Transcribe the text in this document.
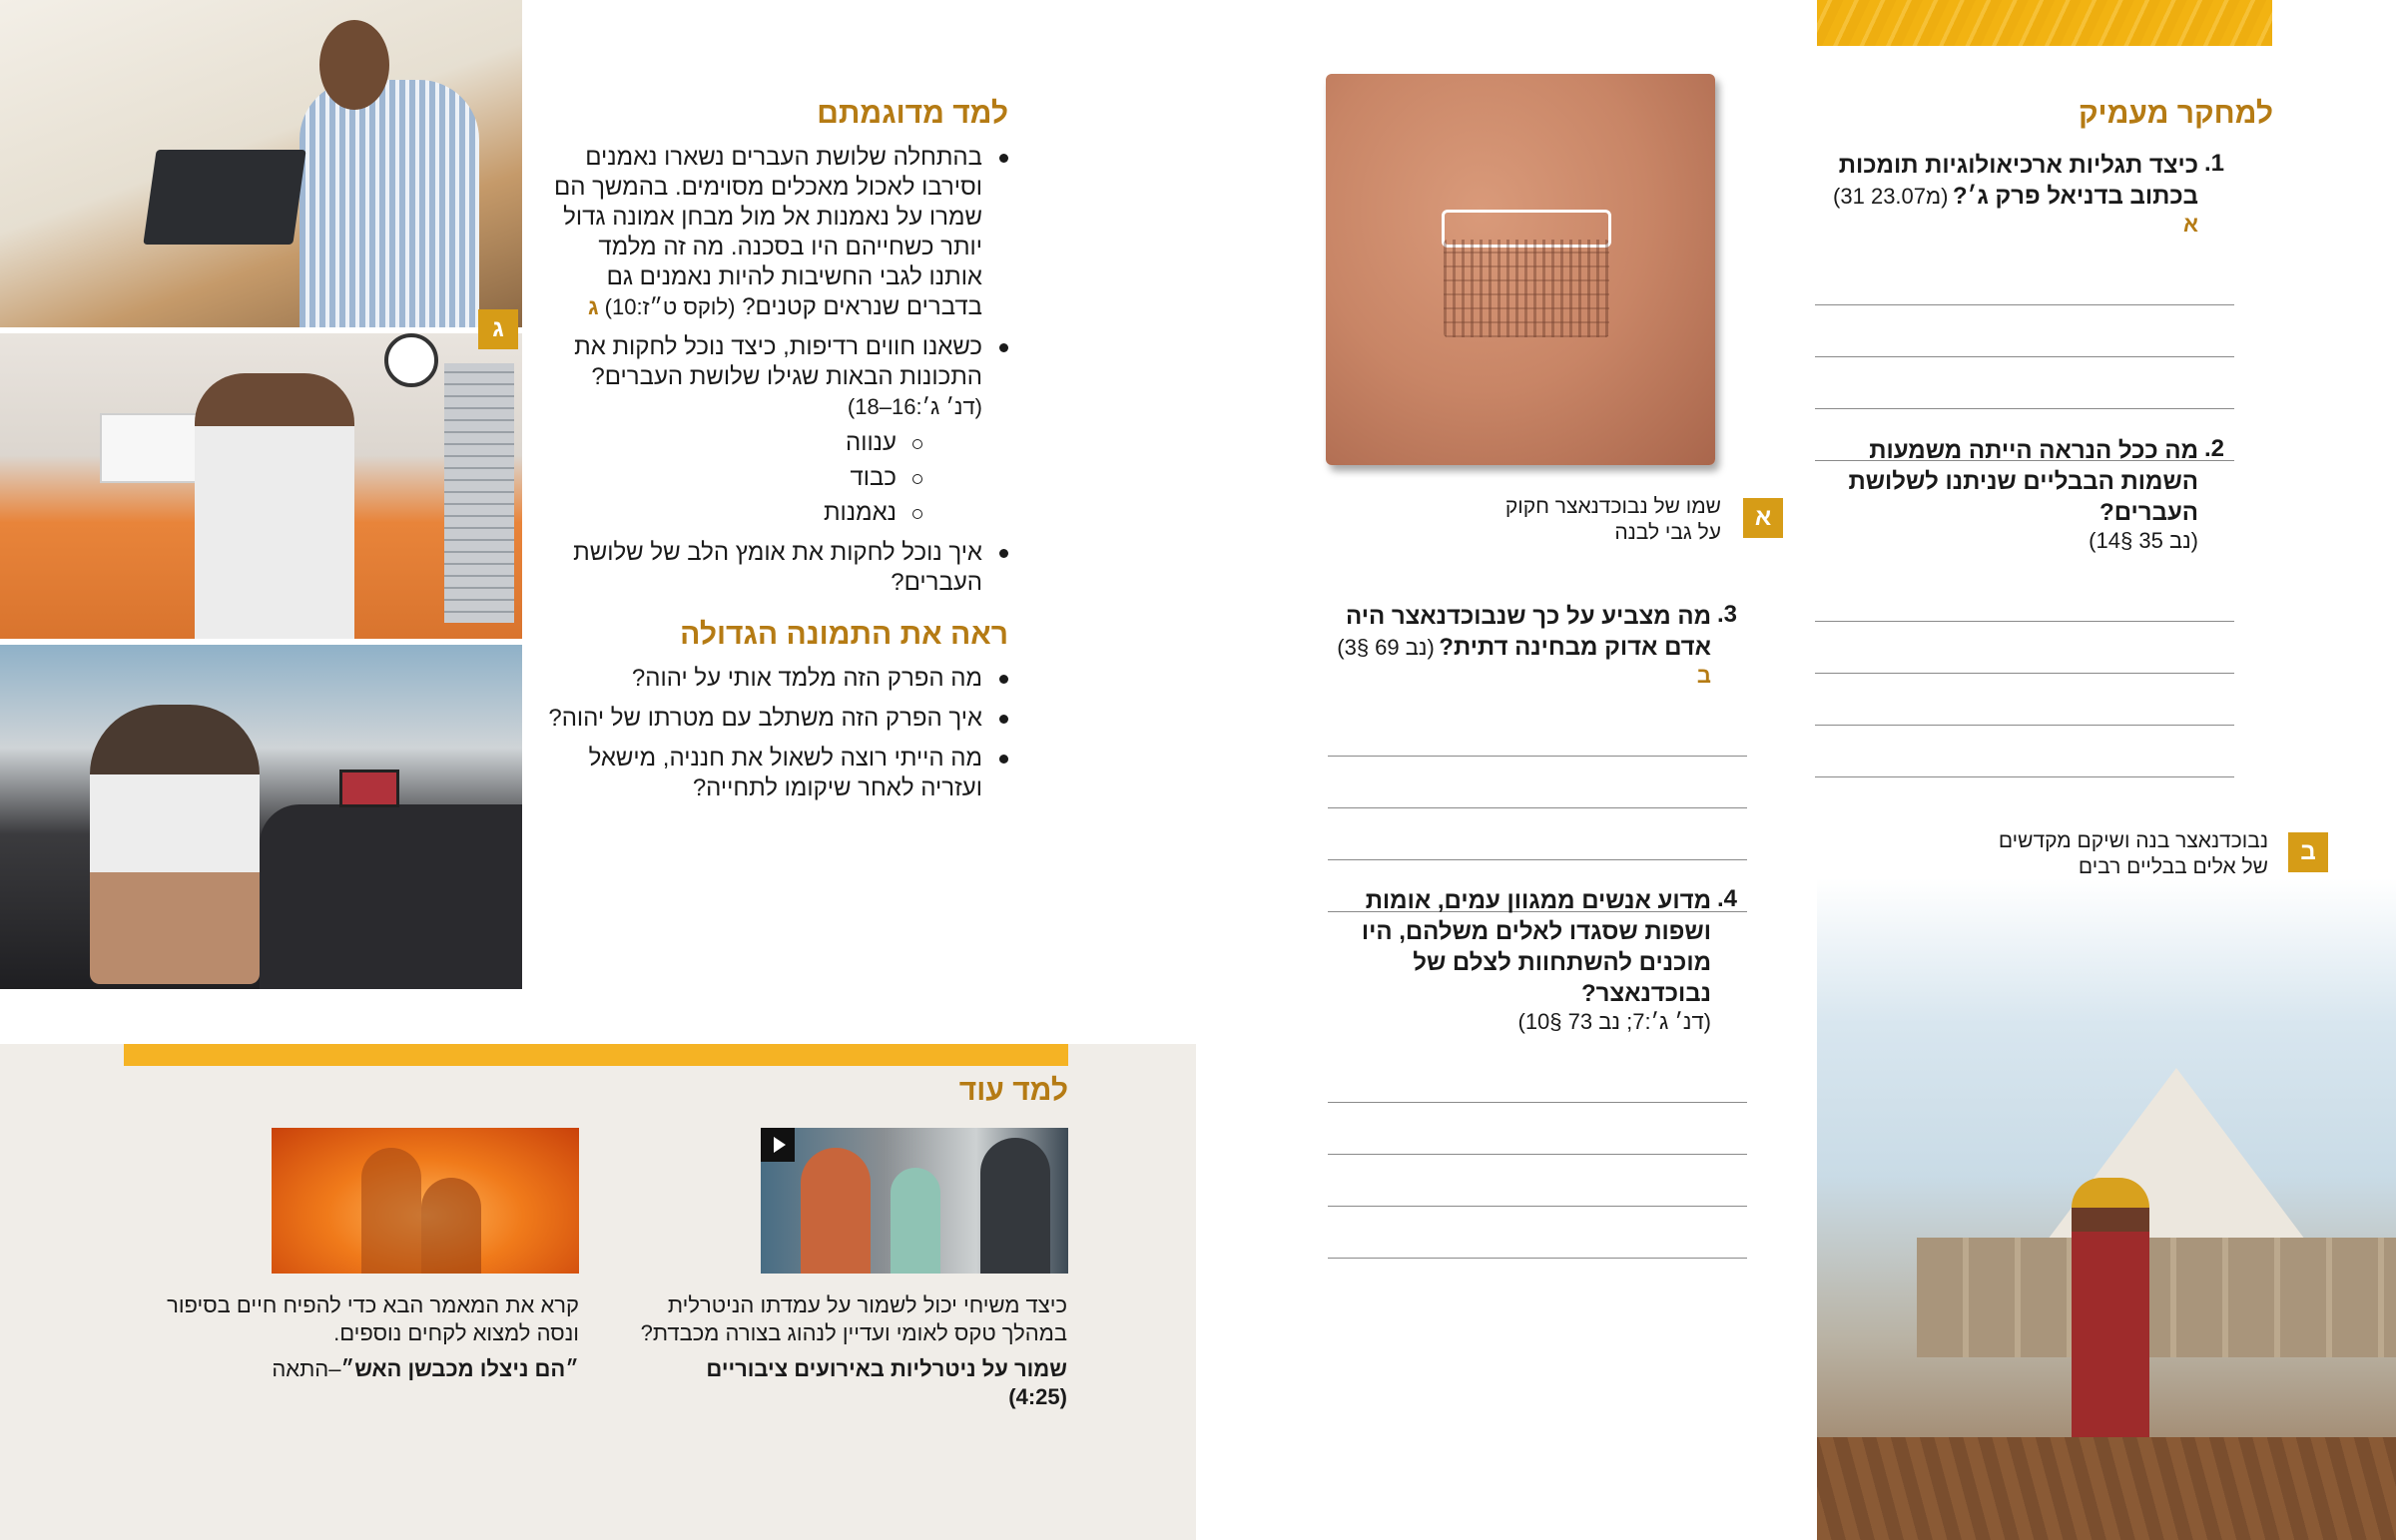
למחקר מעמיק
1.
כיצד תגליות ארכיאולוגיות תומכות בכתוב בדניאל פרק ג׳? (מ23.07 31) א
2.
מה ככל הנראה הייתה משמעות השמות הבבליים שניתנו לשלושת העברים?
(נב 35 §14)
א
שמו של נבוכדנאצר חקוק
על גבי לבנה
3.
מה מצביע על כך שנבוכדנאצר היה אדם אדוק מבחינה דתית? (נב 69 §3) ב
4.
מדוע אנשים ממגוון עמים, אומות ושפות שסגדו לאלים משלהם, היו מוכנים להשתחוות לצלם של נבוכדנאצר?
(דנ׳ ג׳:7; נב 73 §10)
ב
נבוכדנאצר בנה ושיקם מקדשים
של אלים בבליים רבים
למד מדוגמתם
בהתחלה שלושת העברים נשארו נאמנים וסירבו לאכול מאכלים מסוימים. בהמשך הם שמרו על נאמנות אל מול מבחן אמונה גדול יותר כשחייהם היו בסכנה. מה זה מלמד אותנו לגבי החשיבות להיות נאמנים גם בדברים שנראים קטנים? (לוקס ט״ז:10) ג
כשאנו חווים רדיפות, כיצד נוכל לחקות את התכונות הבאות שגילו שלושת העברים?
(דנ׳ ג׳:16–18)
ענווה
כבוד
נאמנות
איך נוכל לחקות את אומץ הלב של שלושת העברים?
ראה את התמונה הגדולה
מה הפרק הזה מלמד אותי על יהוה?
איך הפרק הזה משתלב עם מטרתו של יהוה?
מה הייתי רוצה לשאול את חנניה, מישאל ועזריה לאחר שיקומו לתחייה?
ג
למד עוד
כיצד משיחי יכול לשמור על עמדתו הניטרלית במהלך טקס לאומי ועדיין לנהוג בצורה מכבדת?
שמור על ניטרליות באירועים ציבוריים
(4:25)
קרא את המאמר הבא כדי להפיח חיים בסיפור ונסה למצוא לקחים נוספים.
״הם ניצלו מכבשן האש״–התאה
